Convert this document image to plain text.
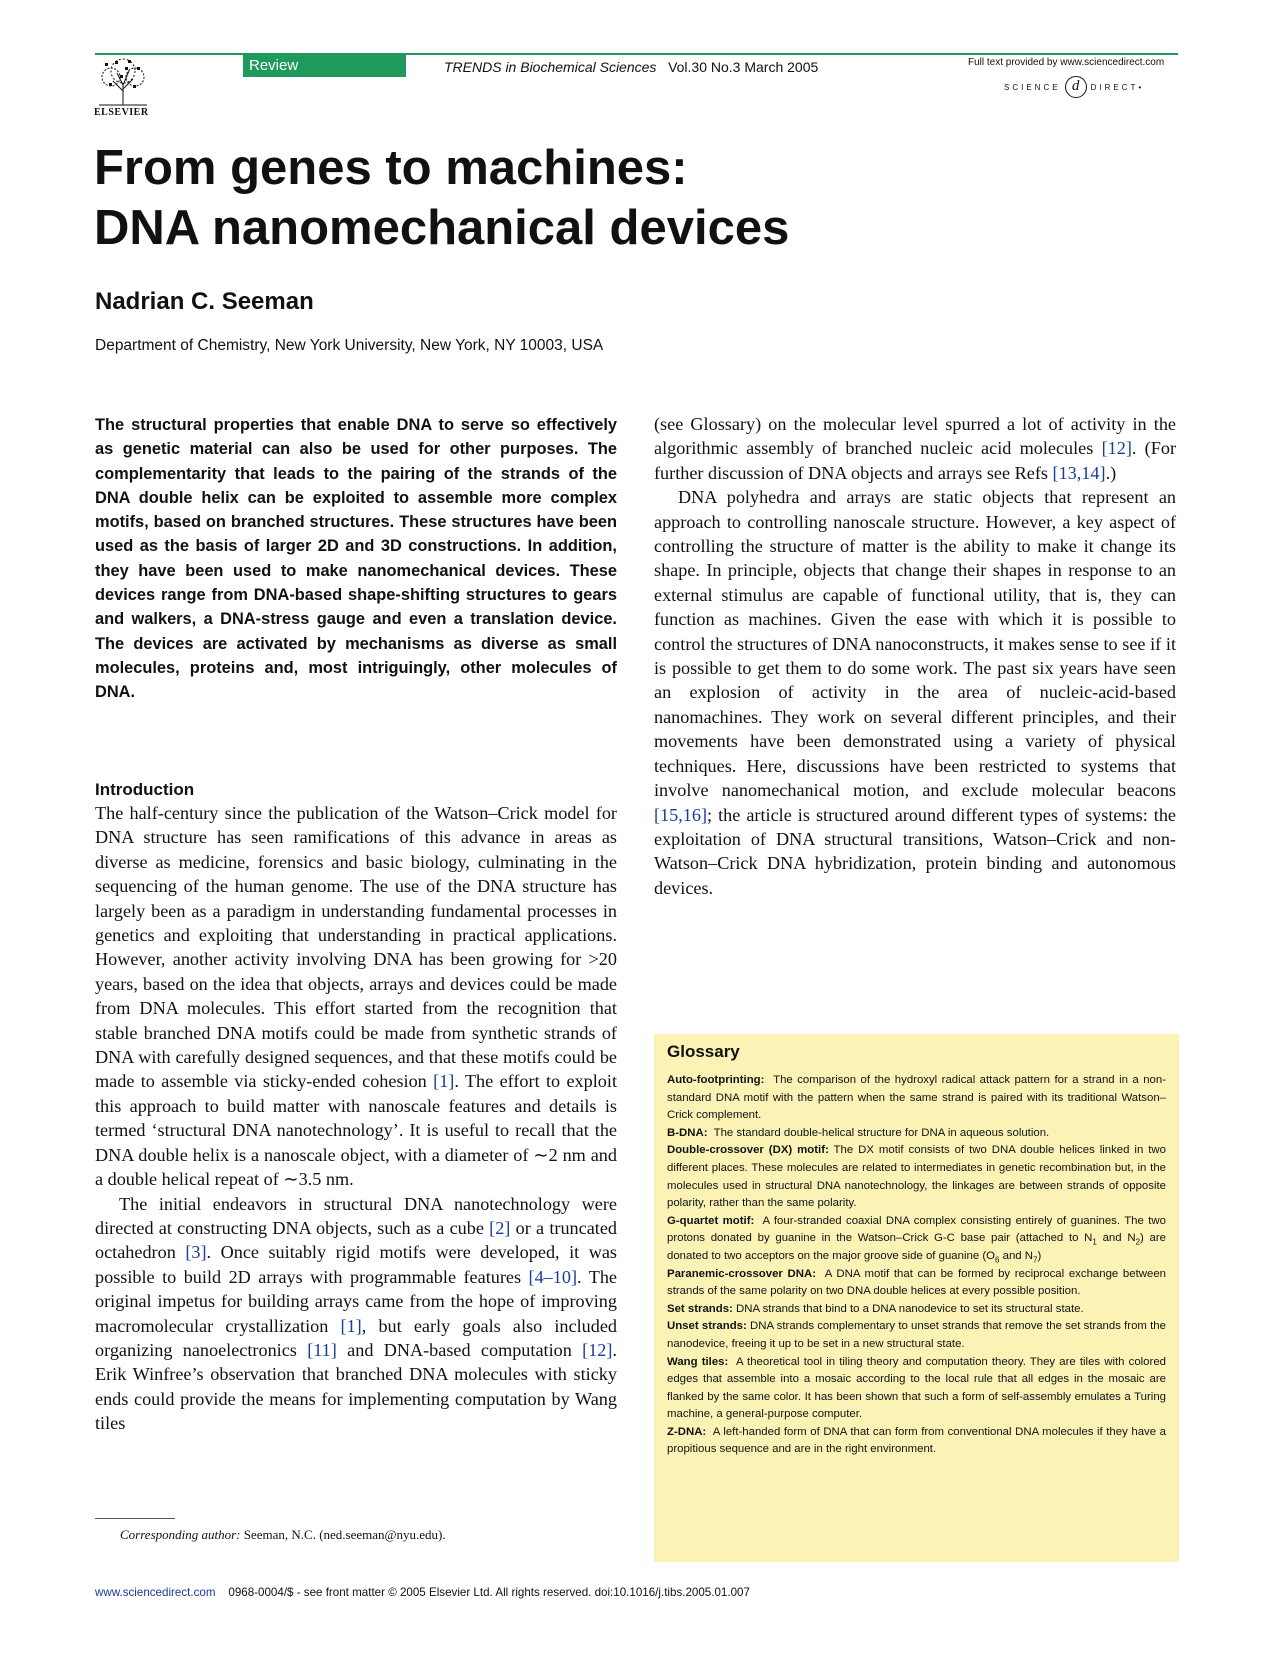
ELSEVIER
Review	TRENDS in Biochemical Sciences Vol.30 No.3 March 2005	Full text provided by www.sciencedirect.com
SCIENCE d	DIRECT•
From genes to machines:
DNA nanomechanical devices
Nadrian C. Seeman
Department of Chemistry, New York University, New York, NY 10003, USA
The structural properties that enable DNA to serve so effectively as genetic material can also be used for other purposes. The complementarity that leads to the pairing of the strands of the DNA double helix can be exploited to assemble more complex motifs, based on branched structures. These structures have been used as the basis of larger 2D and 3D constructions. In addition, they have been used to make nanomechanical devices. These devices range from DNA-based shape-shifting structures to gears and walkers, a DNA-stress gauge and even a translation device. The devices are activated by mechanisms as diverse as small molecules, proteins and, most intriguingly, other molecules of DNA.
Introduction

The half-century since the publication of the Watson–Crick model for DNA structure has seen ramifications of this advance in areas as diverse as medicine, forensics and basic biology, culminating in the sequencing of the human genome. The use of the DNA structure has largely been as a paradigm in understanding fundamental processes in genetics and exploiting that understanding in practical applications. However, another activity involving DNA has been growing for >20 years, based on the idea that objects, arrays and devices could be made from DNA molecules. This effort started from the recognition that stable branched DNA motifs could be made from synthetic strands of DNA with carefully designed sequences, and that these motifs could be made to assemble via sticky-ended cohesion [1]. The effort to exploit this approach to build matter with nanoscale features and details is termed ‘structural DNA nanotechnology’. It is useful to recall that the DNA double helix is a nanoscale object, with a diameter of ∼2 nm and a double helical repeat of ∼3.5 nm.

The initial endeavors in structural DNA nanotechnology were directed at constructing DNA objects, such as a cube [2] or a truncated octahedron [3]. Once suitably rigid motifs were developed, it was possible to build 2D arrays with programmable features [4–10]. The original impetus for building arrays came from the hope of improving macromolecular crystallization [1], but early goals also included organizing nanoelectronics [11] and DNA-based computation [12]. Erik Winfree’s observation that branched DNA molecules with sticky ends could provide the means for implementing computation by Wang tiles

Corresponding author: Seeman, N.C. (ned.seeman@nyu.edu).

(see Glossary) on the molecular level spurred a lot of activity in the algorithmic assembly of branched nucleic acid molecules [12]. (For further discussion of DNA objects and arrays see Refs [13,14].)

DNA polyhedra and arrays are static objects that represent an approach to controlling nanoscale structure. However, a key aspect of controlling the structure of matter is the ability to make it change its shape. In principle, objects that change their shapes in response to an external stimulus are capable of functional utility, that is, they can function as machines. Given the ease with which it is possible to control the structures of DNA nanoconstructs, it makes sense to see if it is possible to get them to do some work. The past six years have seen an explosion of activity in the area of nucleic-acid-based nanomachines. They work on several different principles, and their movements have been demonstrated using a variety of physical techniques. Here, discussions have been restricted to systems that involve nanomechanical motion, and exclude molecular beacons [15,16]; the article is structured around different types of systems: the exploitation of DNA structural transitions, Watson–Crick and non-Watson–Crick DNA hybridization, protein binding and autonomous devices.

Glossary

Auto-footprinting: The comparison of the hydroxyl radical attack pattern for a strand in a non-standard DNA motif with the pattern when the same strand is paired with its traditional Watson–Crick complement.

B-DNA: The standard double-helical structure for DNA in aqueous solution.

Double-crossover (DX) motif: The DX motif consists of two DNA double helices linked in two different places. These molecules are related to intermediates in genetic recombination but, in the molecules used in structural DNA nanotechnology, the linkages are between strands of opposite polarity, rather than the same polarity.

G-quartet motif: A four-stranded coaxial DNA complex consisting entirely of guanines. The two protons donated by guanine in the Watson–Crick G-C base pair (attached to $N_1$ and $N_2$) are donated to two acceptors on the major groove side of guanine ($O_6$ and $N_7$)

Paranemic-crossover DNA: A DNA motif that can be formed by reciprocal exchange between strands of the same polarity on two DNA double helices at every possible position.

Set strands: DNA strands that bind to a DNA nanodevice to set its structural state.

Unset strands: DNA strands complementary to unset strands that remove the set strands from the nanodevice, freeing it up to be set in a new structural state.

Wang tiles: A theoretical tool in tiling theory and computation theory. They are tiles with colored edges that assemble into a mosaic according to the local rule that all edges in the mosaic are flanked by the same color. It has been shown that such a form of self-assembly emulates a Turing machine, a general-purpose computer.

Z-DNA: A left-handed form of DNA that can form from conventional DNA molecules if they have a propitious sequence and are in the right environment.

www.sciencedirect.com 0968-0004/$ - see front matter © 2005 Elsevier Ltd. All rights reserved. doi:10.1016/j.tibs.2005.01.007
